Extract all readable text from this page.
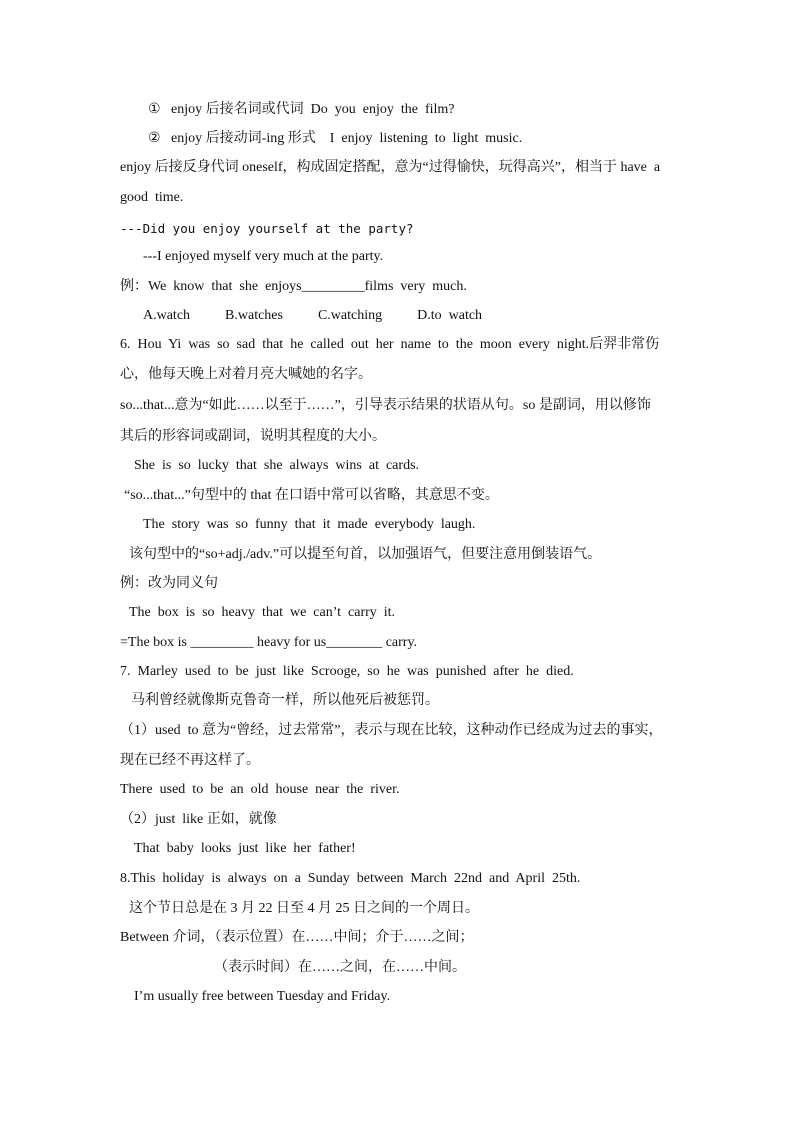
①   enjoy 后接名词或代词  Do  you  enjoy  the  film?
②   enjoy 后接动词-ing 形式    I  enjoy  listening  to  light  music.
enjoy 后接反身代词 oneself，构成固定搭配，意为“过得愉快，玩得高兴”，相当于 have  a
good  time.
---Did you enjoy yourself at the party?
---I enjoyed myself very much at the party.
例：We  know  that  she  enjoys_________films  very  much.
A.watch          B.watches          C.watching          D.to  watch
6.  Hou  Yi  was  so  sad  that  he  called  out  her  name  to  the  moon  every  night.后羿非常伤
心，他每天晚上对着月亮大喊她的名字。
so...that...意为“如此……以至于……”，引导表示结果的状语从句。so 是副词，用以修饰
其后的形容词或副词，说明其程度的大小。
She  is  so  lucky  that  she  always  wins  at  cards.
“so...that...”句型中的 that 在口语中常可以省略，其意思不变。
The  story  was  so  funny  that  it  made  everybody  laugh.
该句型中的“so+adj./adv.”可以提至句首，以加强语气，但要注意用倒装语气。
例：改为同义句
The  box  is  so  heavy  that  we  can’t  carry  it.
=The box is _________ heavy for us________ carry.
7.  Marley  used  to  be  just  like  Scrooge,  so  he  was  punished  after  he  died.
马利曾经就像斯克鲁奇一样，所以他死后被惩罚。
（1）used  to 意为“曾经，过去常常”，表示与现在比较，这种动作已经成为过去的事实，
现在已经不再这样了。
There  used  to  be  an  old  house  near  the  river.
（2）just  like 正如，就像
That  baby  looks  just  like  her  father!
8.This  holiday  is  always  on  a  Sunday  between  March  22nd  and  April  25th.
这个节日总是在 3 月 22 日至 4 月 25 日之间的一个周日。
Between 介词，（表示位置）在……中间；介于……之间；
（表示时间）在……之间，在……中间。
I’m usually free between Tuesday and Friday.
